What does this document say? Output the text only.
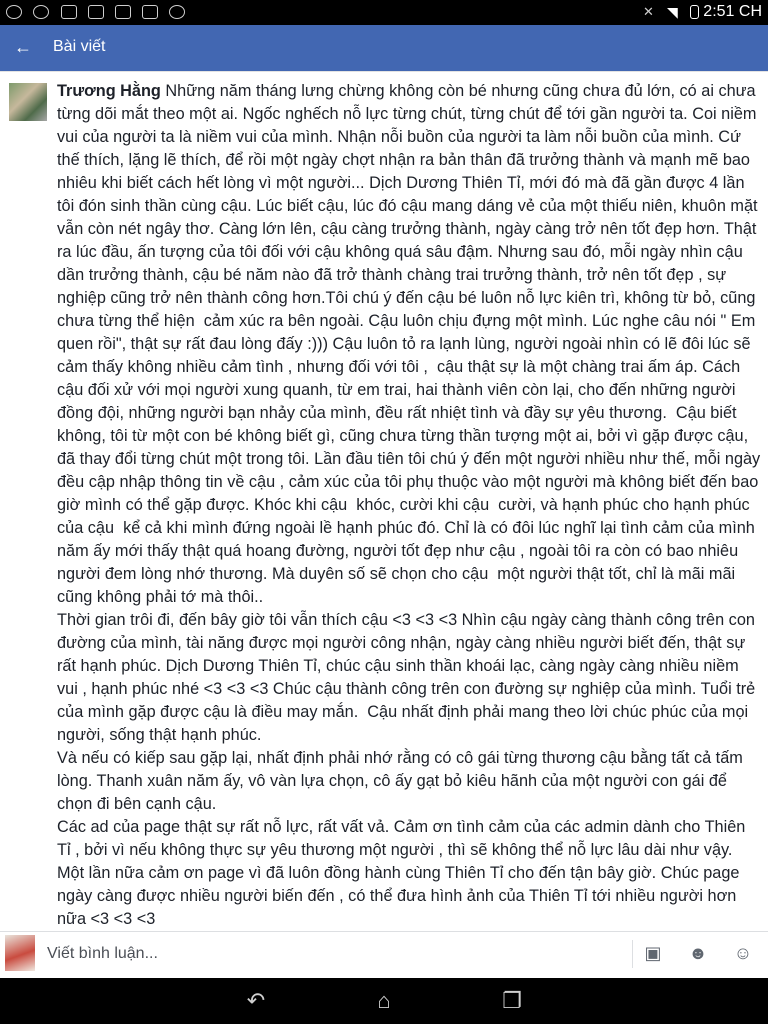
✕ ◥	2:51 CH
← Bài viết

Trương Hằng Những năm tháng lưng chừng không còn bé nhưng cũng chưa đủ lớn, có ai chưa từng dõi mắt theo một ai. Ngốc nghếch nỗ lực từng chút, từng chút để tới gần người ta. Coi niềm vui của người ta là niềm vui của mình. Nhận nỗi buồn của người ta làm nỗi buồn của mình. Cứ thế thích, lặng lẽ thích, để rồi một ngày chợt nhận ra bản thân đã trưởng thành và mạnh mẽ bao nhiêu khi biết cách hết lòng vì một người... Dịch Dương Thiên Tỉ, mới đó mà đã gần được 4 lần tôi đón sinh thần cùng cậu. Lúc biết cậu, lúc đó cậu mang dáng vẻ của một thiếu niên, khuôn mặt vẫn còn nét ngây thơ. Càng lớn lên, cậu càng trưởng thành, ngày càng trở nên tốt đẹp hơn. Thật ra lúc đầu, ấn tượng của tôi đối với cậu không quá sâu đậm. Nhưng sau đó, mỗi ngày nhìn cậu dần trưởng thành, cậu bé năm nào đã trở thành chàng trai trưởng thành, trở nên tốt đẹp , sự nghiệp cũng trở nên thành công hơn.Tôi chú ý đến cậu bé luôn nỗ lực kiên trì, không từ bỏ, cũng chưa từng thể hiện  cảm xúc ra bên ngoài. Cậu luôn chịu đựng một mình. Lúc nghe câu nói " Em quen rồi", thật sự rất đau lòng đấy :))) Cậu luôn tỏ ra lạnh lùng, người ngoài nhìn có lẽ đôi lúc sẽ cảm thấy không nhiều cảm tình , nhưng đối với tôi ,  cậu thật sự là một chàng trai ấm áp. Cách cậu đối xử với mọi người xung quanh, từ em trai, hai thành viên còn lại, cho đến những người đồng đội, những người bạn nhảy của mình, đều rất nhiệt tình và đầy sự yêu thương.  Cậu biết không, tôi từ một con bé không biết gì, cũng chưa từng thần tượng một ai, bởi vì gặp được cậu,  đã thay đổi từng chút một trong tôi. Lần đầu tiên tôi chú ý đến một người nhiều như thế, mỗi ngày đều cập nhập thông tin về cậu , cảm xúc của tôi phụ thuộc vào một người mà không biết đến bao giờ mình có thể gặp được. Khóc khi cậu  khóc, cười khi cậu  cười, và hạnh phúc cho hạnh phúc của cậu  kể cả khi mình đứng ngoài lề hạnh phúc đó. Chỉ là có đôi lúc nghĩ lại tình cảm của mình năm ấy mới thấy thật quá hoang đường, người tốt đẹp như cậu , ngoài tôi ra còn có bao nhiêu người đem lòng nhớ thương. Mà duyên số sẽ chọn cho cậu  một người thật tốt, chỉ là mãi mãi cũng không phải tớ mà thôi..
Thời gian trôi đi, đến bây giờ tôi vẫn thích cậu <3 <3 <3 Nhìn cậu ngày càng thành công trên con đường của mình, tài năng được mọi người công nhận, ngày càng nhiều người biết đến, thật sự rất hạnh phúc. Dịch Dương Thiên Tỉ, chúc cậu sinh thần khoái lạc, càng ngày càng nhiều niềm vui , hạnh phúc nhé <3 <3 <3 Chúc cậu thành công trên con đường sự nghiệp của mình. Tuổi trẻ của mình gặp được cậu là điều may mắn.  Cậu nhất định phải mang theo lời chúc phúc của mọi người, sống thật hạnh phúc.
Và nếu có kiếp sau gặp lại, nhất định phải nhớ rằng có cô gái từng thương cậu bằng tất cả tấm lòng. Thanh xuân năm ấy, vô vàn lựa chọn, cô ấy gạt bỏ kiêu hãnh của một người con gái để chọn đi bên cạnh cậu.
Các ad của page thật sự rất nỗ lực, rất vất vả. Cảm ơn tình cảm của các admin dành cho Thiên Tỉ , bởi vì nếu không thực sự yêu thương một người , thì sẽ không thể nỗ lực lâu dài như vậy. Một lần nữa cảm ơn page vì đã luôn đồng hành cùng Thiên Tỉ cho đến tận bây giờ. Chúc page ngày càng được nhiều người biến đến , có thể đưa hình ảnh của Thiên Tỉ tới nhiều người hơn nữa <3 <3 <3

Viết bình luận...
▣ ☻ ☺
↶	⌂	❐
